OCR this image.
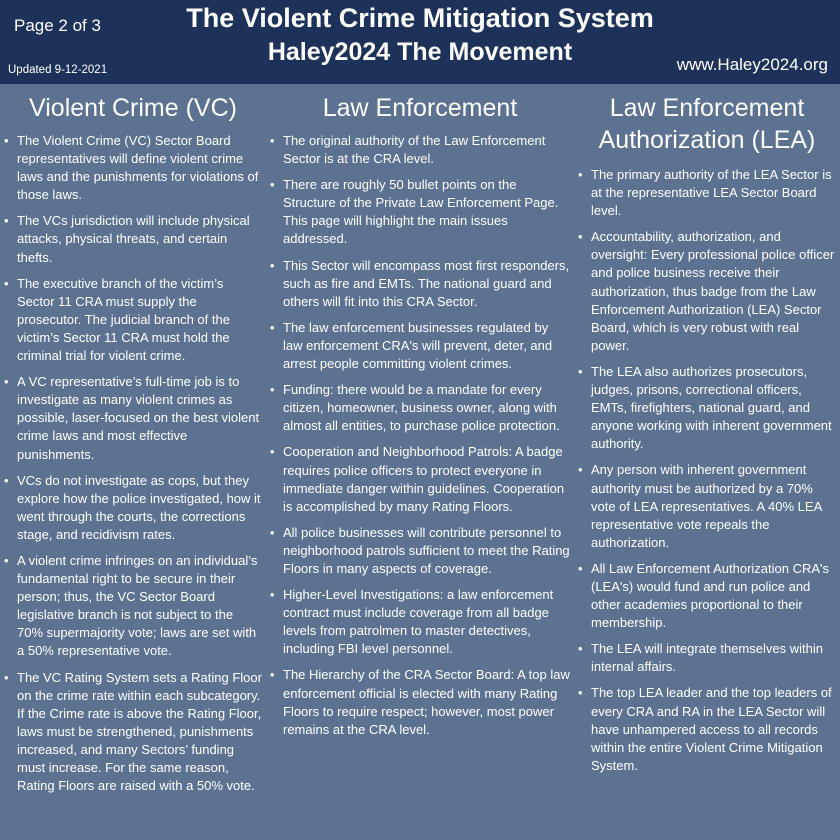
Page 2 of 3	The Violent Crime Mitigation System
Haley2024 The Movement
Updated 9-12-2021	www.Haley2024.org
Violent Crime (VC)
• The Violent Crime (VC) Sector Board representatives will define violent crime laws and the punishments for violations of those laws.
• The VCs jurisdiction will include physical attacks, physical threats, and certain thefts.
• The executive branch of the victim’s Sector 11 CRA must supply the prosecutor. The judicial branch of the victim’s Sector 11 CRA must hold the criminal trial for violent crime.
• A VC representative’s full-time job is to investigate as many violent crimes as possible, laser-focused on the best violent crime laws and most effective punishments.
• VCs do not investigate as cops, but they explore how the police investigated, how it went through the courts, the corrections stage, and recidivism rates.
• A violent crime infringes on an individual’s fundamental right to be secure in their person; thus, the VC Sector Board legislative branch is not subject to the 70% supermajority vote; laws are set with a 50% representative vote.
• The VC Rating System sets a Rating Floor on the crime rate within each subcategory. If the Crime rate is above the Rating Floor, laws must be strengthened, punishments increased, and many Sectors’ funding must increase. For the same reason, Rating Floors are raised with a 50% vote.
Law Enforcement
• The original authority of the Law Enforcement Sector is at the CRA level.
• There are roughly 50 bullet points on the Structure of the Private Law Enforcement Page. This page will highlight the main issues addressed.
• This Sector will encompass most first responders, such as fire and EMTs. The national guard and others will fit into this CRA Sector.
• The law enforcement businesses regulated by law enforcement CRA's will prevent, deter, and arrest people committing violent crimes.
• Funding: there would be a mandate for every citizen, homeowner, business owner, along with almost all entities, to purchase police protection.
• Cooperation and Neighborhood Patrols: A badge requires police officers to protect everyone in immediate danger within guidelines. Cooperation is accomplished by many Rating Floors.
• All police businesses will contribute personnel to neighborhood patrols sufficient to meet the Rating Floors in many aspects of coverage.
• Higher-Level Investigations: a law enforcement contract must include coverage from all badge levels from patrolmen to master detectives, including FBI level personnel.
• The Hierarchy of the CRA Sector Board: A top law enforcement official is elected with many Rating Floors to require respect; however, most power remains at the CRA level.
Law Enforcement Authorization (LEA)
• The primary authority of the LEA Sector is at the representative LEA Sector Board level.
• Accountability, authorization, and oversight: Every professional police officer and police business receive their authorization, thus badge from the Law Enforcement Authorization (LEA) Sector Board, which is very robust with real power.
• The LEA also authorizes prosecutors, judges, prisons, correctional officers, EMTs, firefighters, national guard, and anyone working with inherent government authority.
• Any person with inherent government authority must be authorized by a 70% vote of LEA representatives. A 40% LEA representative vote repeals the authorization.
• All Law Enforcement Authorization CRA's (LEA's) would fund and run police and other academies proportional to their membership.
• The LEA will integrate themselves within internal affairs.
• The top LEA leader and the top leaders of every CRA and RA in the LEA Sector will have unhampered access to all records within the entire Violent Crime Mitigation System.
